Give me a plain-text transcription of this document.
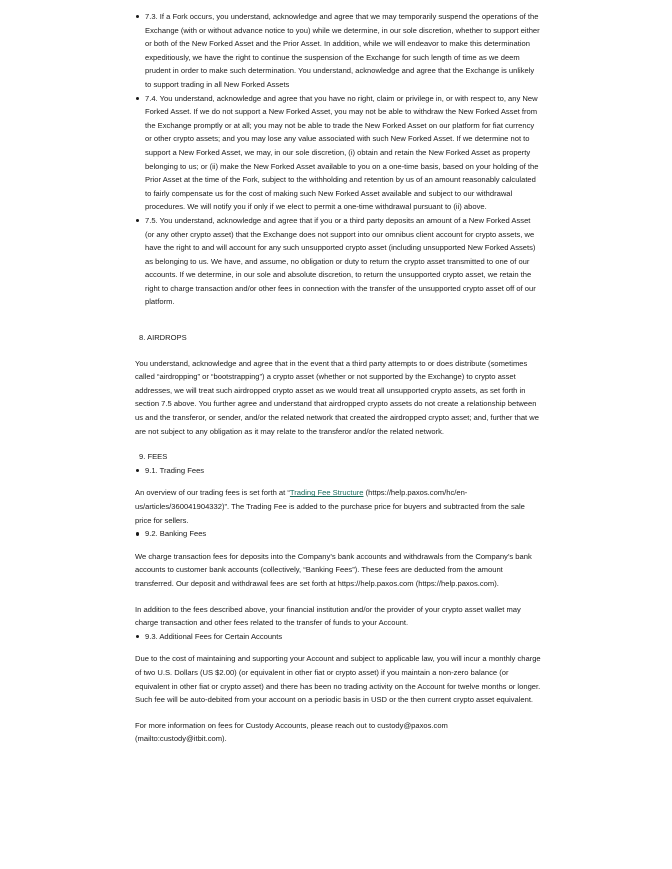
7.3. If a Fork occurs, you understand, acknowledge and agree that we may temporarily suspend the operations of the Exchange (with or without advance notice to you) while we determine, in our sole discretion, whether to support either or both of the New Forked Asset and the Prior Asset. In addition, while we will endeavor to make this determination expeditiously, we have the right to continue the suspension of the Exchange for such length of time as we deem prudent in order to make such determination. You understand, acknowledge and agree that the Exchange is unlikely to support trading in all New Forked Assets
7.4. You understand, acknowledge and agree that you have no right, claim or privilege in, or with respect to, any New Forked Asset. If we do not support a New Forked Asset, you may not be able to withdraw the New Forked Asset from the Exchange promptly or at all; you may not be able to trade the New Forked Asset on our platform for fiat currency or other crypto assets; and you may lose any value associated with such New Forked Asset. If we determine not to support a New Forked Asset, we may, in our sole discretion, (i) obtain and retain the New Forked Asset as property belonging to us; or (ii) make the New Forked Asset available to you on a one-time basis, based on your holding of the Prior Asset at the time of the Fork, subject to the withholding and retention by us of an amount reasonably calculated to fairly compensate us for the cost of making such New Forked Asset available and subject to our withdrawal procedures. We will notify you if only if we elect to permit a one-time withdrawal pursuant to (ii) above.
7.5. You understand, acknowledge and agree that if you or a third party deposits an amount of a New Forked Asset (or any other crypto asset) that the Exchange does not support into our omnibus client account for crypto assets, we have the right to and will account for any such unsupported crypto asset (including unsupported New Forked Assets) as belonging to us. We have, and assume, no obligation or duty to return the crypto asset transmitted to one of our accounts. If we determine, in our sole and absolute discretion, to return the unsupported crypto asset, we retain the right to charge transaction and/or other fees in connection with the transfer of the unsupported crypto asset off of our platform.

8. AIRDROPS

You understand, acknowledge and agree that in the event that a third party attempts to or does distribute (sometimes called “airdropping” or “bootstrapping”) a crypto asset (whether or not supported by the Exchange) to crypto asset addresses, we will treat such airdropped crypto asset as we would treat all unsupported crypto assets, as set forth in section 7.5 above. You further agree and understand that airdropped crypto assets do not create a relationship between us and the transferor, or sender, and/or the related network that created the airdropped crypto asset; and, further that we are not subject to any obligation as it may relate to the transferor and/or the related network.

9. FEES

9.1. Trading Fees

An overview of our trading fees is set forth at “Trading Fee Structure (https://help.paxos.com/hc/en-us/articles/360041904332)”. The Trading Fee is added to the purchase price for buyers and subtracted from the sale price for sellers.

9.2. Banking Fees

We charge transaction fees for deposits into the Company’s bank accounts and withdrawals from the Company’s bank accounts to customer bank accounts (collectively, “Banking Fees”). These fees are deducted from the amount transferred. Our deposit and withdrawal fees are set forth at https://help.paxos.com (https://help.paxos.com).

In addition to the fees described above, your financial institution and/or the provider of your crypto asset wallet may charge transaction and other fees related to the transfer of funds to your Account.

9.3. Additional Fees for Certain Accounts

Due to the cost of maintaining and supporting your Account and subject to applicable law, you will incur a monthly charge of two U.S. Dollars (US $2.00) (or equivalent in other fiat or crypto asset) if you maintain a non-zero balance (or equivalent in other fiat or crypto asset) and there has been no trading activity on the Account for twelve months or longer. Such fee will be auto-debited from your account on a periodic basis in USD or the then current crypto asset equivalent.

For more information on fees for Custody Accounts, please reach out to custody@paxos.com (mailto:custody@itbit.com).
